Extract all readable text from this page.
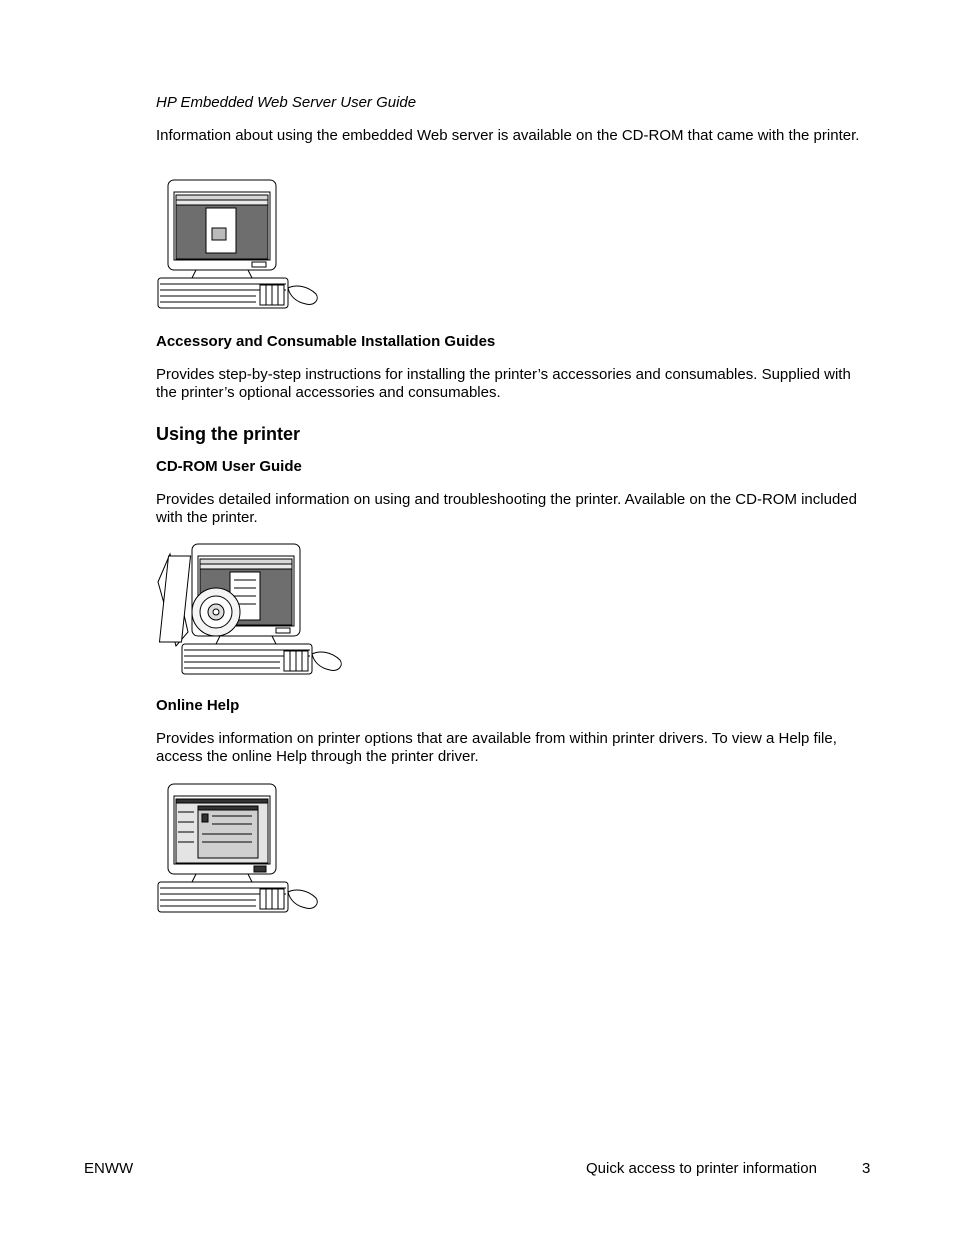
HP Embedded Web Server User Guide
Information about using the embedded Web server is available on the CD-ROM that came with the printer.
Accessory and Consumable Installation Guides
Provides step-by-step instructions for installing the printer’s accessories and consumables. Supplied with the printer’s optional accessories and consumables.
Using the printer
CD-ROM User Guide
Provides detailed information on using and troubleshooting the printer. Available on the CD-ROM included with the printer.
Online Help
Provides information on printer options that are available from within printer drivers. To view a Help file, access the online Help through the printer driver.
ENWW	Quick access to printer information	3
